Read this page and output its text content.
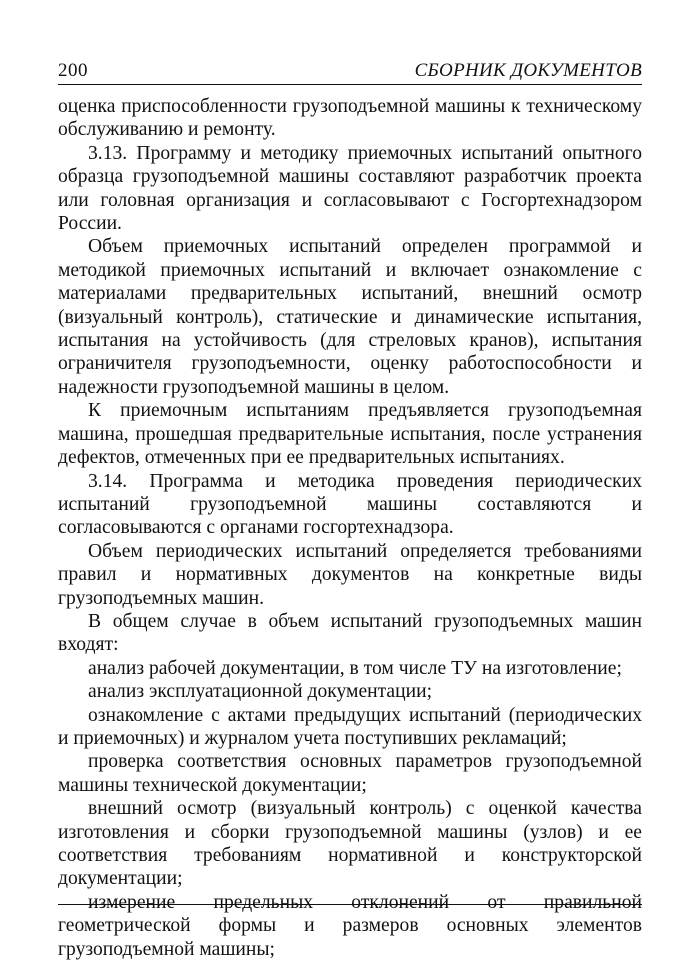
200	СБОРНИК ДОКУМЕНТОВ

оценка приспособленности грузоподъемной машины к техническому обслуживанию и ремонту.

3.13. Программу и методику приемочных испытаний опытного образца грузоподъемной машины составляют разработчик проекта или головная организация и согласовывают с Госгортехнадзором России.

Объем приемочных испытаний определен программой и методикой приемочных испытаний и включает ознакомление с материалами предварительных испытаний, внешний осмотр (визуальный контроль), статические и динамические испытания, испытания на устойчивость (для стреловых кранов), испытания ограничителя грузоподъемности, оценку работоспособности и надежности грузоподъемной машины в целом.

К приемочным испытаниям предъявляется грузоподъемная машина, прошедшая предварительные испытания, после устранения дефектов, отмеченных при ее предварительных испытаниях.

3.14. Программа и методика проведения периодических испытаний грузоподъемной машины составляются и согласовываются с органами госгортехнадзора.

Объем периодических испытаний определяется требованиями правил и нормативных документов на конкретные виды грузоподъемных машин.

В общем случае в объем испытаний грузоподъемных машин входят:

анализ рабочей документации, в том числе ТУ на изготовление;

анализ эксплуатационной документации;

ознакомление с актами предыдущих испытаний (периодических и приемочных) и журналом учета поступивших рекламаций;

проверка соответствия основных параметров грузоподъемной машины технической документации;

внешний осмотр (визуальный контроль) с оценкой качества изготовления и сборки грузоподъемной машины (узлов) и ее соответствия требованиям нормативной и конструкторской документации;

измерение предельных отклонений от правильной геометрической формы и размеров основных элементов грузоподъемной машины;
